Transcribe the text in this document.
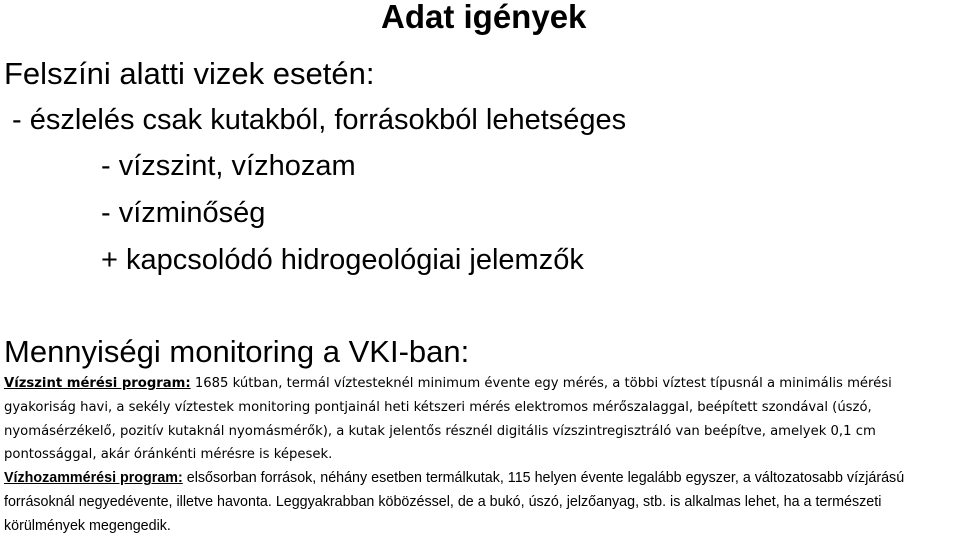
Adat igények
Felszíni alatti vizek esetén:
- észlelés csak kutakból, forrásokból lehetséges
- vízszint, vízhozam
- vízminőség
+ kapcsolódó hidrogeológiai jelemzők
Mennyiségi monitoring a VKI-ban:

Vízszint mérési program: 1685 kútban, termál víztesteknél minimum évente egy mérés, a többi víztest típusnál a minimális mérési gyakoriság havi, a sekély víztestek monitoring pontjainál heti kétszeri mérés elektromos mérőszalaggal, beépített szondával (úszó, nyomásérzékelő, pozitív kutaknál nyomásmérők), a kutak jelentős résznél digitális vízszintregisztráló van beépítve, amelyek 0,1 cm pontossággal, akár óránkénti mérésre is képesek.

Vízhozammérési program: elsősorban források, néhány esetben termálkutak, 115 helyen évente legalább egyszer, a változatosabb vízjárású forrásoknál negyedévente, illetve havonta. Leggyakrabban köbözéssel, de a bukó, úszó, jelzőanyag, stb. is alkalmas lehet, ha a természeti körülmények megengedik.
